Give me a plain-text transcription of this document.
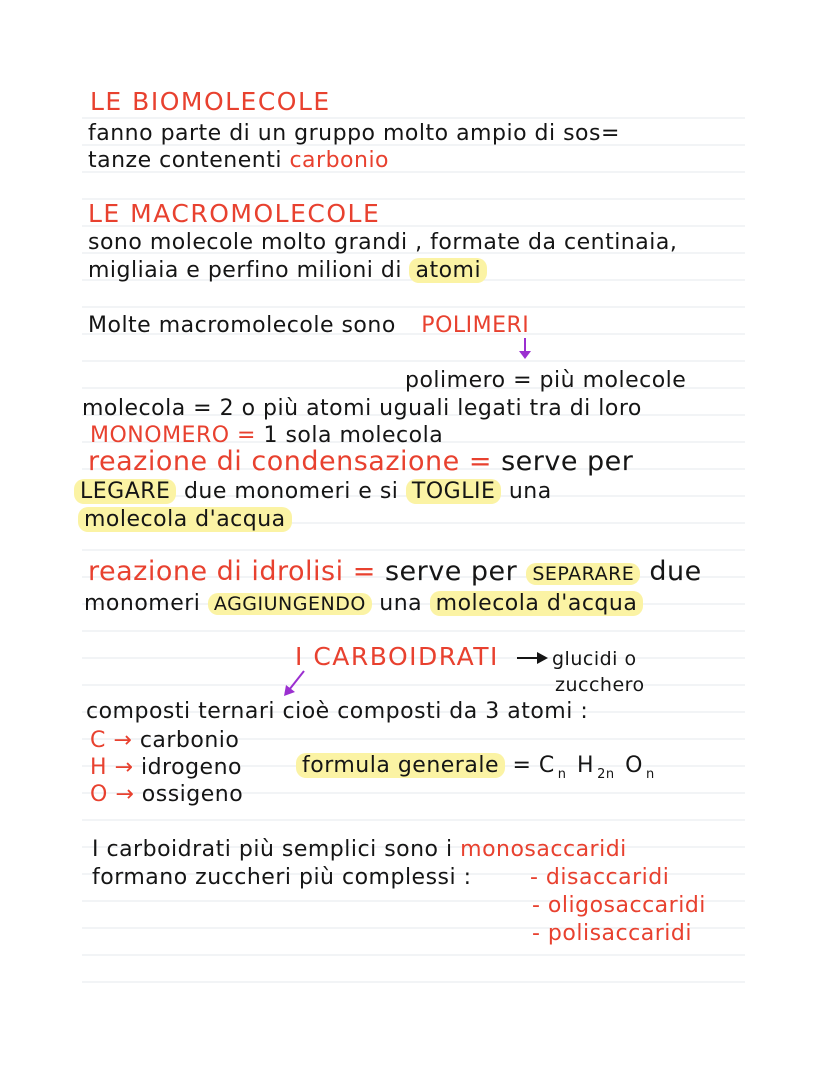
LE BIOMOLECOLE
fanno parte di un gruppo molto ampio di sos=
tanze contenenti carbonio
LE MACROMOLECOLE
sono molecole molto grandi , formate da centinaia,
migliaia e perfino milioni di atomi
Molte macromolecole sono POLIMERI
polimero = più molecole
molecola = 2 o più atomi uguali legati tra di loro
MONOMERO = 1 sola molecola
reazione di condensazione = serve per
LEGARE due monomeri e si TOGLIE una
molecola d'acqua
reazione di idrolisi = serve per SEPARARE due
monomeri AGGIUNGENDO una molecola d'acqua
I CARBOIDRATI	glucidi o
zucchero
composti ternari cioè composti da 3 atomi :
C → carbonio
H → idrogeno
O → ossigeno
formula generale = C $_n$ H $_{2n}$ O $_n$
I carboidrati più semplici sono i monosaccaridi
formano zuccheri più complessi :	- disaccaridi
- oligosaccaridi
- polisaccaridi
